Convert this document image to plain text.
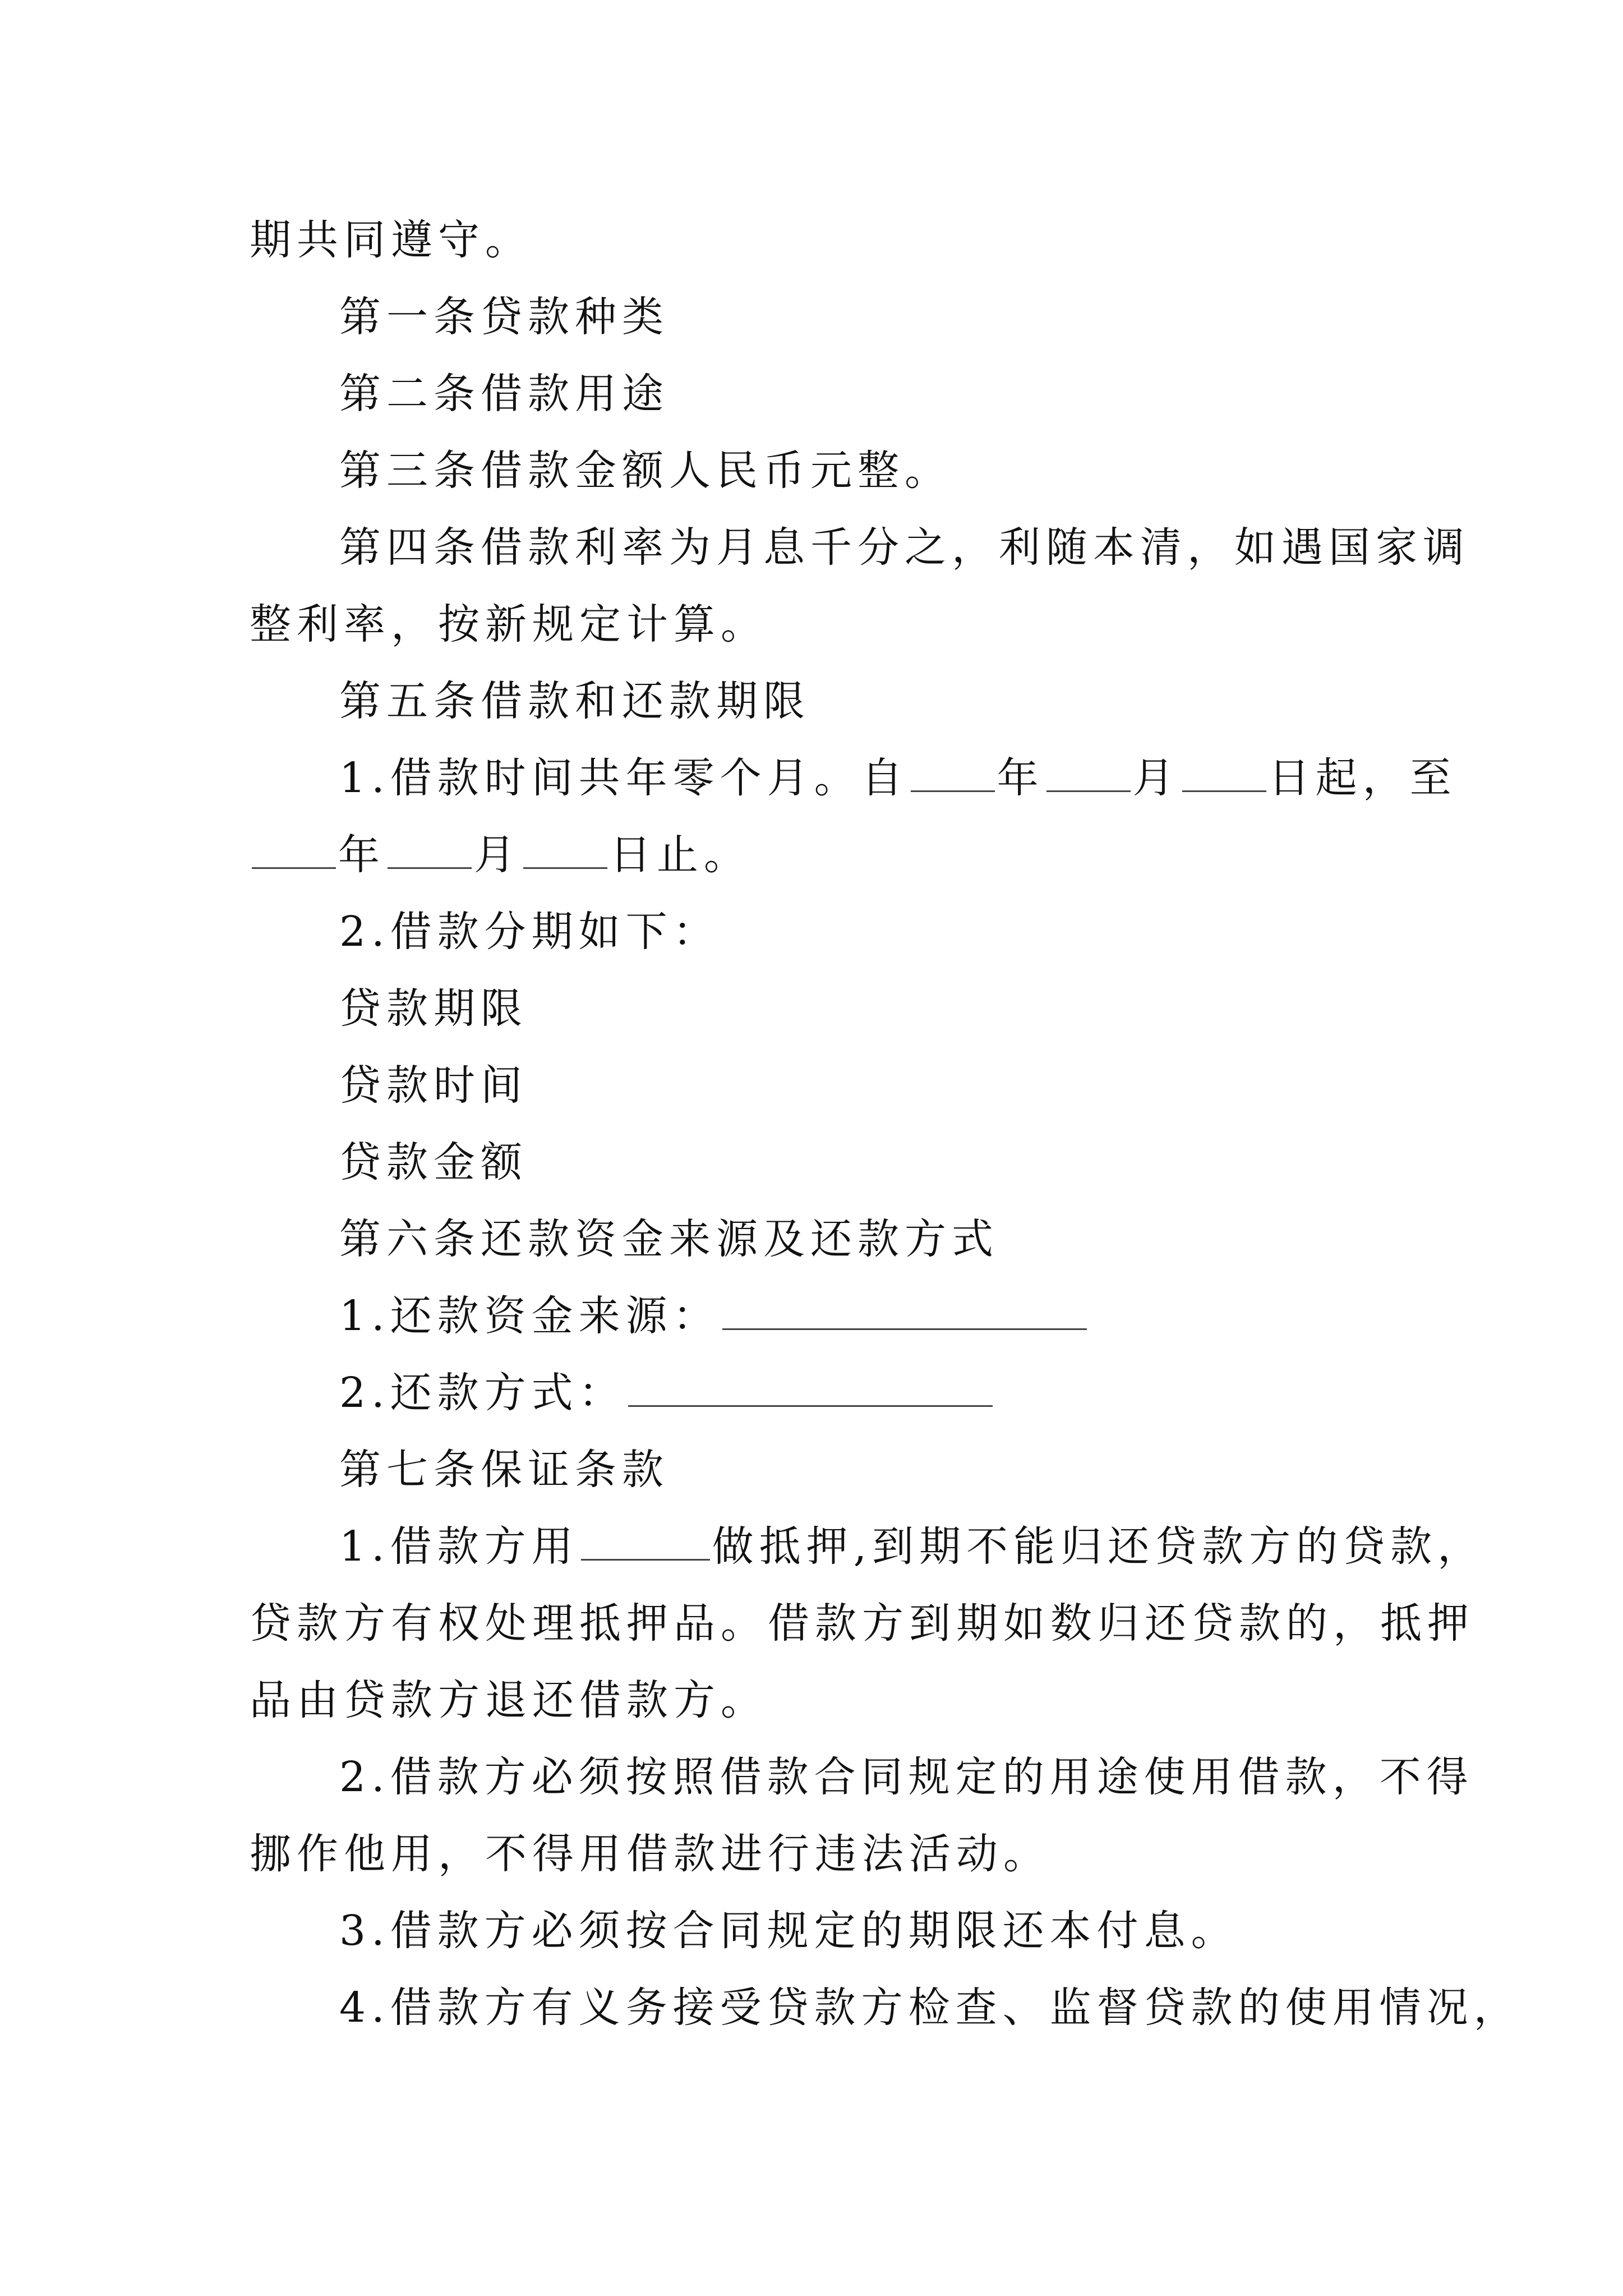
期共同遵守。
第一条贷款种类
第二条借款用途
第三条借款金额人民币元整。
第四条借款利率为月息千分之，利随本清，如遇国家调
整利率，按新规定计算。
第五条借款和还款期限
1.借款时间共年零个月。自 年 月 日起，至
年 月 日止。
2.借款分期如下：
贷款期限
贷款时间
贷款金额
第六条还款资金来源及还款方式
1.还款资金来源：
2.还款方式：
第七条保证条款
1.借款方用	做抵押,到期不能归还贷款方的贷款，
贷款方有权处理抵押品。借款方到期如数归还贷款的，抵押
品由贷款方退还借款方。
2.借款方必须按照借款合同规定的用途使用借款，不得
挪作他用，不得用借款进行违法活动。
3.借款方必须按合同规定的期限还本付息。
4.借款方有义务接受贷款方检查、监督贷款的使用情况，
